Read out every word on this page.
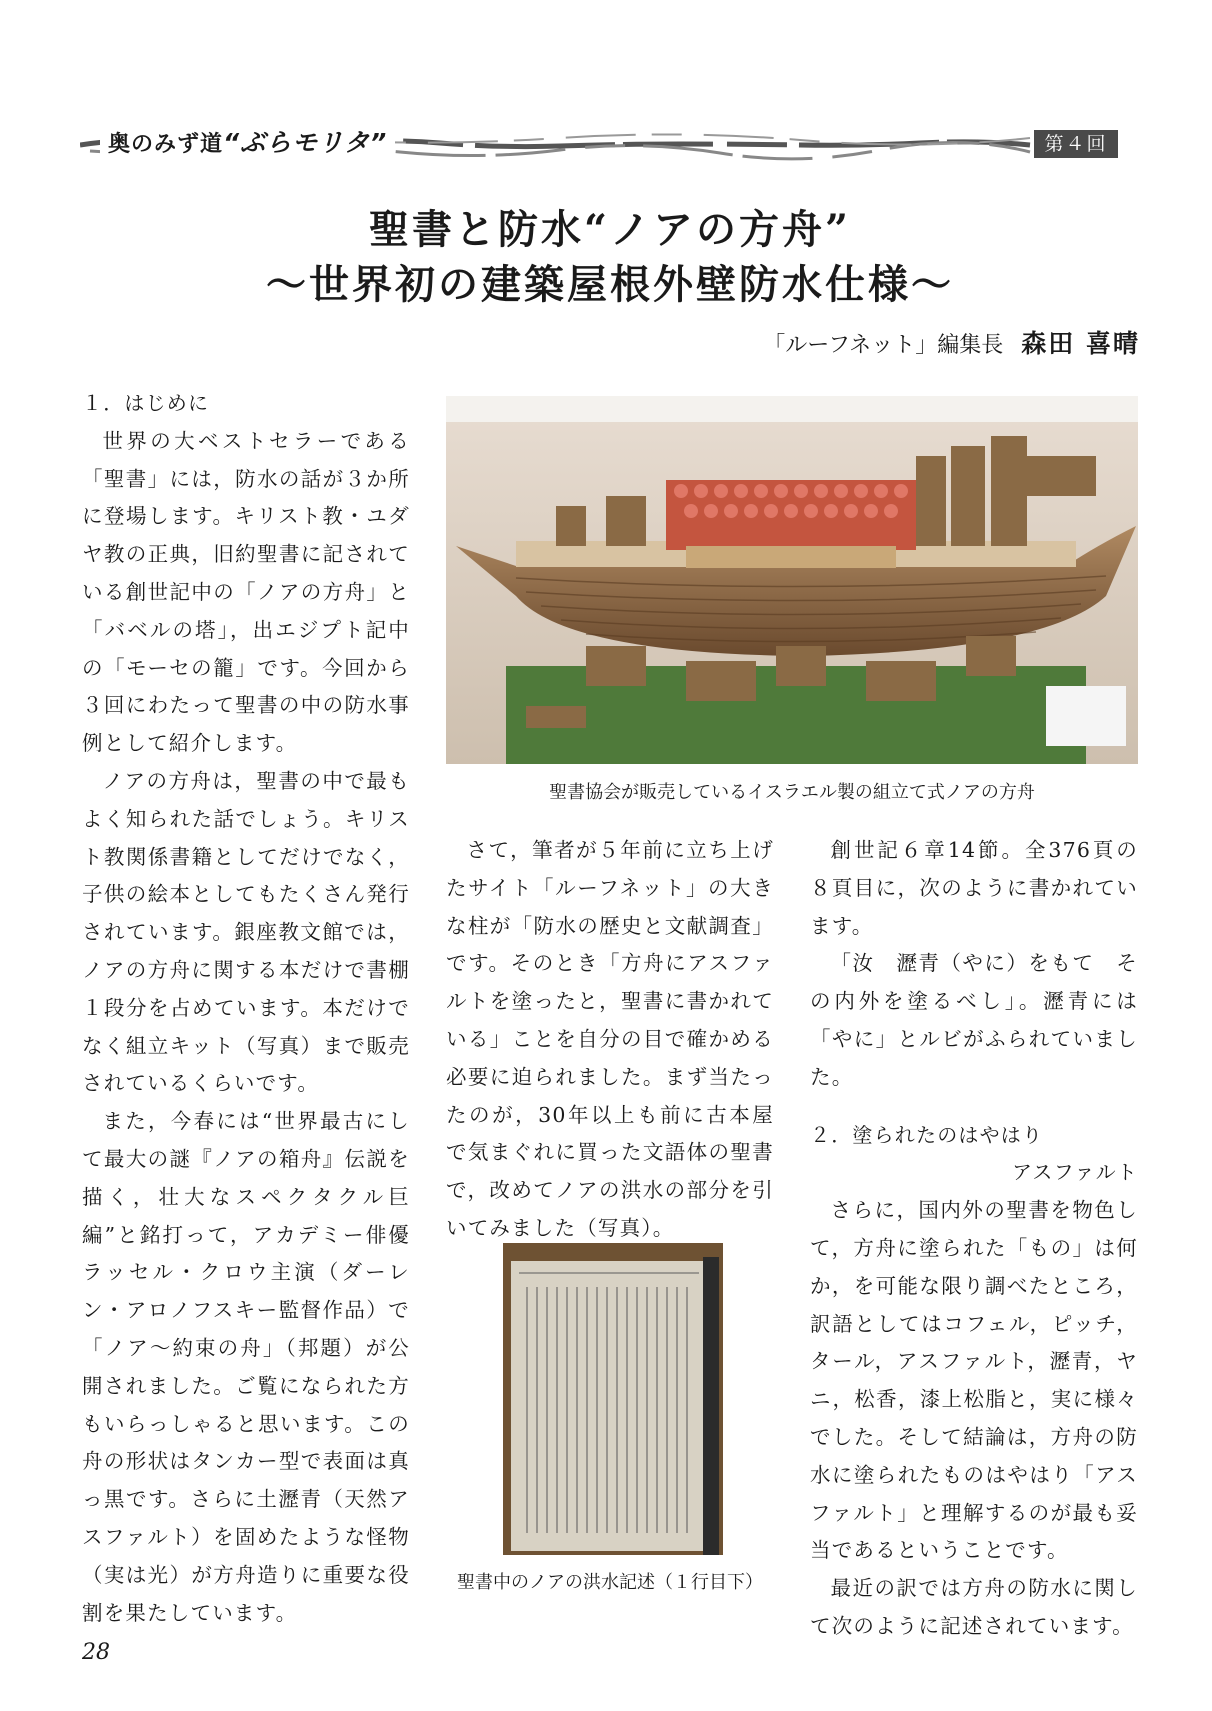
奥のみず道“ぶらモリタ”	第４回
聖書と防水“ノアの方舟”
〜世界初の建築屋根外壁防水仕様〜
「ルーフネット」編集長 森田 喜晴
１．はじめに

世界の大ベストセラーである「聖書」には，防水の話が３か所に登場します。キリスト教・ユダヤ教の正典，旧約聖書に記されている創世記中の「ノアの方舟」と「バベルの塔」，出エジプト記中の「モーセの籠」です。今回から３回にわたって聖書の中の防水事例として紹介します。

ノアの方舟は，聖書の中で最もよく知られた話でしょう。キリスト教関係書籍としてだけでなく，子供の絵本としてもたくさん発行されています。銀座教文館では，ノアの方舟に関する本だけで書棚１段分を占めています。本だけでなく組立キット（写真）まで販売されているくらいです。

また，今春には“世界最古にして最大の謎『ノアの箱舟』伝説を描く，壮大なスペクタクル巨編”と銘打って，アカデミー俳優ラッセル・クロウ主演（ダーレン・アロノフスキー監督作品）で「ノア〜約束の舟」（邦題）が公開されました。ご覧になられた方もいらっしゃると思います。この舟の形状はタンカー型で表面は真っ黒です。さらに土瀝青（天然アスファルト）を固めたような怪物（実は光）が方舟造りに重要な役割を果たしています。

聖書協会が販売しているイスラエル製の組立て式ノアの方舟

さて，筆者が５年前に立ち上げたサイト「ルーフネット」の大きな柱が「防水の歴史と文献調査」です。そのとき「方舟にアスファルトを塗ったと，聖書に書かれている」ことを自分の目で確かめる必要に迫られました。まず当たったのが，30年以上も前に古本屋で気まぐれに買った文語体の聖書で，改めてノアの洪水の部分を引いてみました（写真）。

聖書中のノアの洪水記述（１行目下）

創世記６章14節。全376頁の８頁目に，次のように書かれています。

「汝　瀝青（やに）をもて　その内外を塗るべし」。瀝青には「やに」とルビがふられていました。

２．塗られたのはやはり
アスファルト

さらに，国内外の聖書を物色して，方舟に塗られた「もの」は何か，を可能な限り調べたところ，訳語としてはコフェル，ピッチ，タール，アスファルト，瀝青，ヤニ，松香，漆上松脂と，実に様々でした。そして結論は，方舟の防水に塗られたものはやはり「アスファルト」と理解するのが最も妥当であるということです。

最近の訳では方舟の防水に関して次のように記述されています。

28
